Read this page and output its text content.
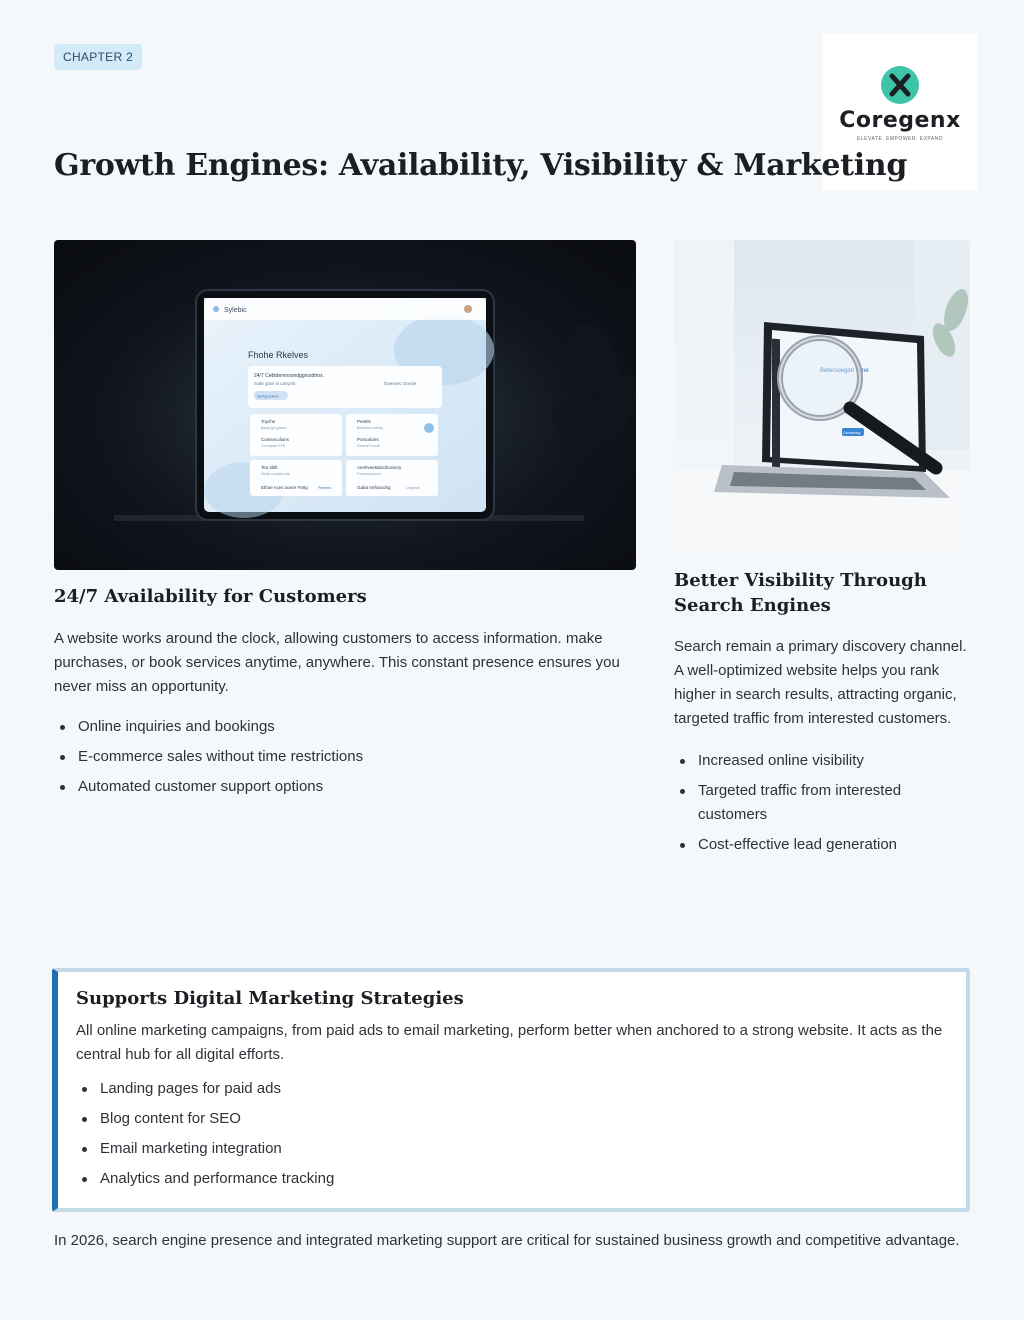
CHAPTER 2
Coregenx
ELEVATE. EMPOWER. EXPAND
Growth Engines: Availability, Visibility & Marketing
Sylebic
Fhohe Rkelves
24/7 Cebtdemnsondggrosdtrox,
noite gtiss ni canycls.	Doemes: Dontie
Sertgnrokes
Toyche
Bang tgyl grlone
Petetls
Benbene odlong
Coniseculions
Corrceptor FFE
Porsolicies
Ceemel Fourdl
Ten tiltill
Fetde consdlrvone
Aenhveetdazdicolonry
Fostomad sonlr
Ethoe Acec aovre Fettg	Pertomo	Gaba Irefoacohg	Lregusel
Betersoegon Gtne
Gonmonng
24/7 Availability for Customers

A website works around the clock, allowing customers to access information. make purchases, or book services anytime, anywhere. This constant presence ensures you never miss an opportunity.

Online inquiries and bookings
E-commerce sales without time restrictions
Automated customer support options
Better Visibility Through Search Engines

Search remain a primary discovery channel. A well-optimized website helps you rank higher in search results, attracting organic, targeted traffic from interested customers.

Increased online visibility
Targeted traffic from interested customers
Cost-effective lead generation
Supports Digital Marketing Strategies

All online marketing campaigns, from paid ads to email marketing, perform better when anchored to a strong website. It acts as the central hub for all digital efforts.

Landing pages for paid ads
Blog content for SEO
Email marketing integration
Analytics and performance tracking

In 2026, search engine presence and integrated marketing support are critical for sustained business growth and competitive advantage.
